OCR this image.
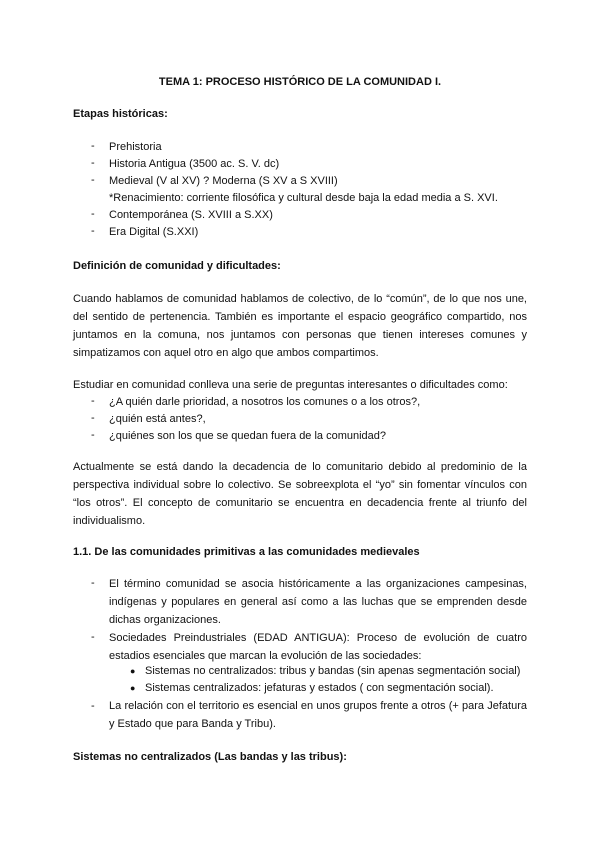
TEMA 1: PROCESO HISTÓRICO DE LA COMUNIDAD I.
Etapas históricas:
- Prehistoria
- Historia Antigua (3500 ac. S. V. dc)
- Medieval (V al XV) ? Moderna (S XV a S XVIII)
*Renacimiento: corriente filosófica y cultural desde baja la edad media a S. XVI.
- Contemporánea (S. XVIII a S.XX)
- Era Digital (S.XXI)
Definición de comunidad y dificultades:
Cuando hablamos de comunidad hablamos de colectivo, de lo “común”, de lo que nos une, del sentido de pertenencia. También es importante el espacio geográfico compartido, nos juntamos en la comuna, nos juntamos con personas que tienen intereses comunes y simpatizamos con aquel otro en algo que ambos compartimos.
Estudiar en comunidad conlleva una serie de preguntas interesantes o dificultades como:
- ¿A quién darle prioridad, a nosotros los comunes o a los otros?,
- ¿quién está antes?,
- ¿quiénes son los que se quedan fuera de la comunidad?
Actualmente se está dando la decadencia de lo comunitario debido al predominio de la perspectiva individual sobre lo colectivo. Se sobreexplota el “yo” sin fomentar vínculos con “los otros”. El concepto de comunitario se encuentra en decadencia frente al triunfo del individualismo.
1.1. De las comunidades primitivas a las comunidades medievales
- El término comunidad se asocia históricamente a las organizaciones campesinas, indígenas y populares en general así como a las luchas que se emprenden desde dichas organizaciones.
- Sociedades Preindustriales (EDAD ANTIGUA): Proceso de evolución de cuatro estadios esenciales que marcan la evolución de las sociedades:
● Sistemas no centralizados: tribus y bandas (sin apenas segmentación social)
● Sistemas centralizados: jefaturas y estados ( con segmentación social).
- La relación con el territorio es esencial en unos grupos frente a otros (+ para Jefatura y Estado que para Banda y Tribu).
Sistemas no centralizados (Las bandas y las tribus):
